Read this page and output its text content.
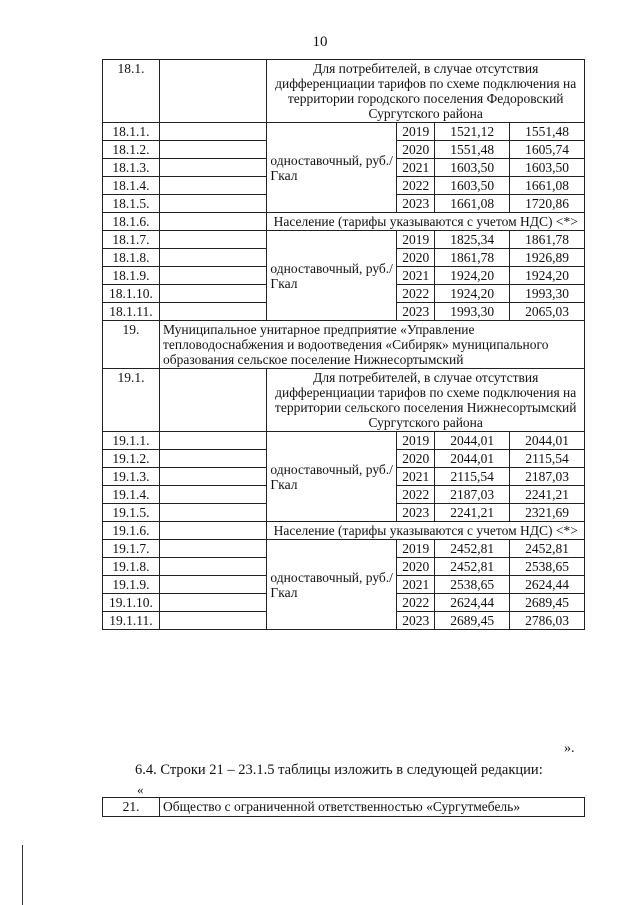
10
18.1.		Для потребителей, в случае отсутствия дифференциации тарифов по схеме подключения на территории городского поселения Федоровский Сургутского района			
18.1.1.		одноставочный, руб./Гкал	2019	1521,12	1551,48
18.1.2.			2020	1551,48	1605,74
18.1.3.			2021	1603,50	1603,50
18.1.4.			2022	1603,50	1661,08
18.1.5.			2023	1661,08	1720,86
18.1.6.		Население (тарифы указываются с учетом НДС) <*>			
18.1.7.		одноставочный, руб./Гкал	2019	1825,34	1861,78
18.1.8.			2020	1861,78	1926,89
18.1.9.			2021	1924,20	1924,20
18.1.10.			2022	1924,20	1993,30
18.1.11.			2023	1993,30	2065,03
19.	Муниципальное унитарное предприятие «Управление тепловодоснабжения и водоотведения «Сибиряк» муниципального образования сельское поселение Нижнесортымский				
19.1.		Для потребителей, в случае отсутствия дифференциации тарифов по схеме подключения на территории сельского поселения Нижнесортымский Сургутского района			
19.1.1.		одноставочный, руб./Гкал	2019	2044,01	2044,01
19.1.2.			2020	2044,01	2115,54
19.1.3.			2021	2115,54	2187,03
19.1.4.			2022	2187,03	2241,21
19.1.5.			2023	2241,21	2321,69
19.1.6.		Население (тарифы указываются с учетом НДС) <*>			
19.1.7.		одноставочный, руб./Гкал	2019	2452,81	2452,81
19.1.8.			2020	2452,81	2538,65
19.1.9.			2021	2538,65	2624,44
19.1.10.			2022	2624,44	2689,45
19.1.11.			2023	2689,45	2786,03
».
6.4. Строки 21 – 23.1.5 таблицы изложить в следующей редакции:
«
21.	Общество с ограниченной ответственностью «Сургутмебель»
